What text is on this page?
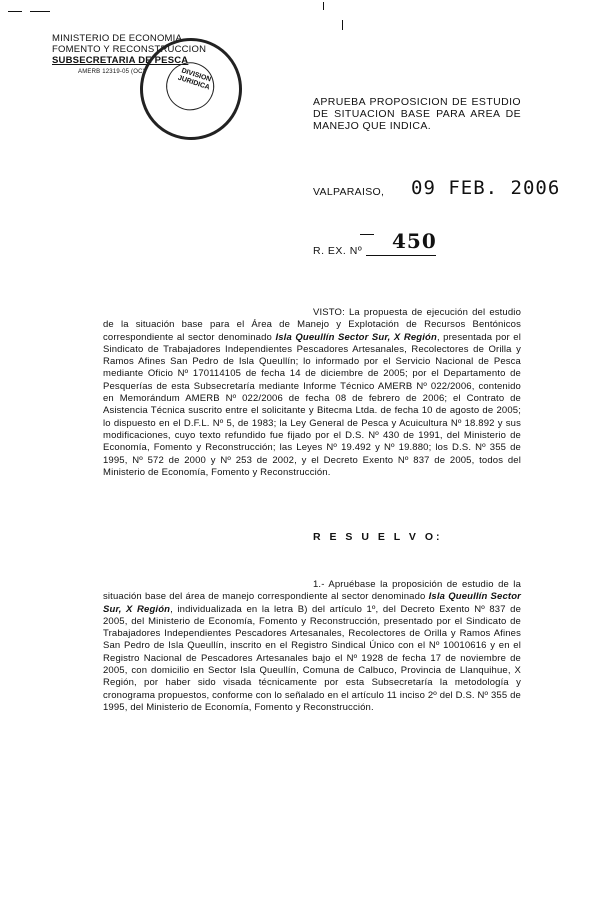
MINISTERIO DE ECONOMIA
FOMENTO Y RECONSTRUCCION
SUBSECRETARIA DE PESCA
AMERB 12319-05 (OC)	DIVISION JURIDICA
APRUEBA PROPOSICION DE ESTUDIO DE SITUACION BASE PARA AREA DE MANEJO QUE INDICA.
VALPARAISO, 09 FEB. 2006
R. EX. Nº	450
VISTO: La propuesta de ejecución del estudio de la situación base para el Área de Manejo y Explotación de Recursos Bentónicos correspondiente al sector denominado Isla Queullín Sector Sur, X Región, presentada por el Sindicato de Trabajadores Independientes Pescadores Artesanales, Recolectores de Orilla y Ramos Afines San Pedro de Isla Queullín; lo informado por el Servicio Nacional de Pesca mediante Oficio Nº 170114105 de fecha 14 de diciembre de 2005; por el Departamento de Pesquerías de esta Subsecretaría mediante Informe Técnico AMERB Nº 022/2006, contenido en Memorándum AMERB Nº 022/2006 de fecha 08 de febrero de 2006; el Contrato de Asistencia Técnica suscrito entre el solicitante y Bitecma Ltda. de fecha 10 de agosto de 2005; lo dispuesto en el D.F.L. Nº 5, de 1983; la Ley General de Pesca y Acuicultura Nº 18.892 y sus modificaciones, cuyo texto refundido fue fijado por el D.S. Nº 430 de 1991, del Ministerio de Economía, Fomento y Reconstrucción; las Leyes Nº 19.492 y Nº 19.880; los D.S. Nº 355 de 1995, Nº 572 de 2000 y Nº 253 de 2002, y el Decreto Exento Nº 837 de 2005, todos del Ministerio de Economía, Fomento y Reconstrucción.
R E S U E L V O:
1.- Apruébase la proposición de estudio de la situación base del área de manejo correspondiente al sector denominado Isla Queullín Sector Sur, X Región, individualizada en la letra B) del artículo 1º, del Decreto Exento Nº 837 de 2005, del Ministerio de Economía, Fomento y Reconstrucción, presentado por el Sindicato de Trabajadores Independientes Pescadores Artesanales, Recolectores de Orilla y Ramos Afines San Pedro de Isla Queullín, inscrito en el Registro Sindical Único con el Nº 10010616 y en el Registro Nacional de Pescadores Artesanales bajo el Nº 1928 de fecha 17 de noviembre de 2005, con domicilio en Sector Isla Queullín, Comuna de Calbuco, Provincia de Llanquihue, X Región, por haber sido visada técnicamente por esta Subsecretaría la metodología y cronograma propuestos, conforme con lo señalado en el artículo 11 inciso 2º del D.S. Nº 355 de 1995, del Ministerio de Economía, Fomento y Reconstrucción.
